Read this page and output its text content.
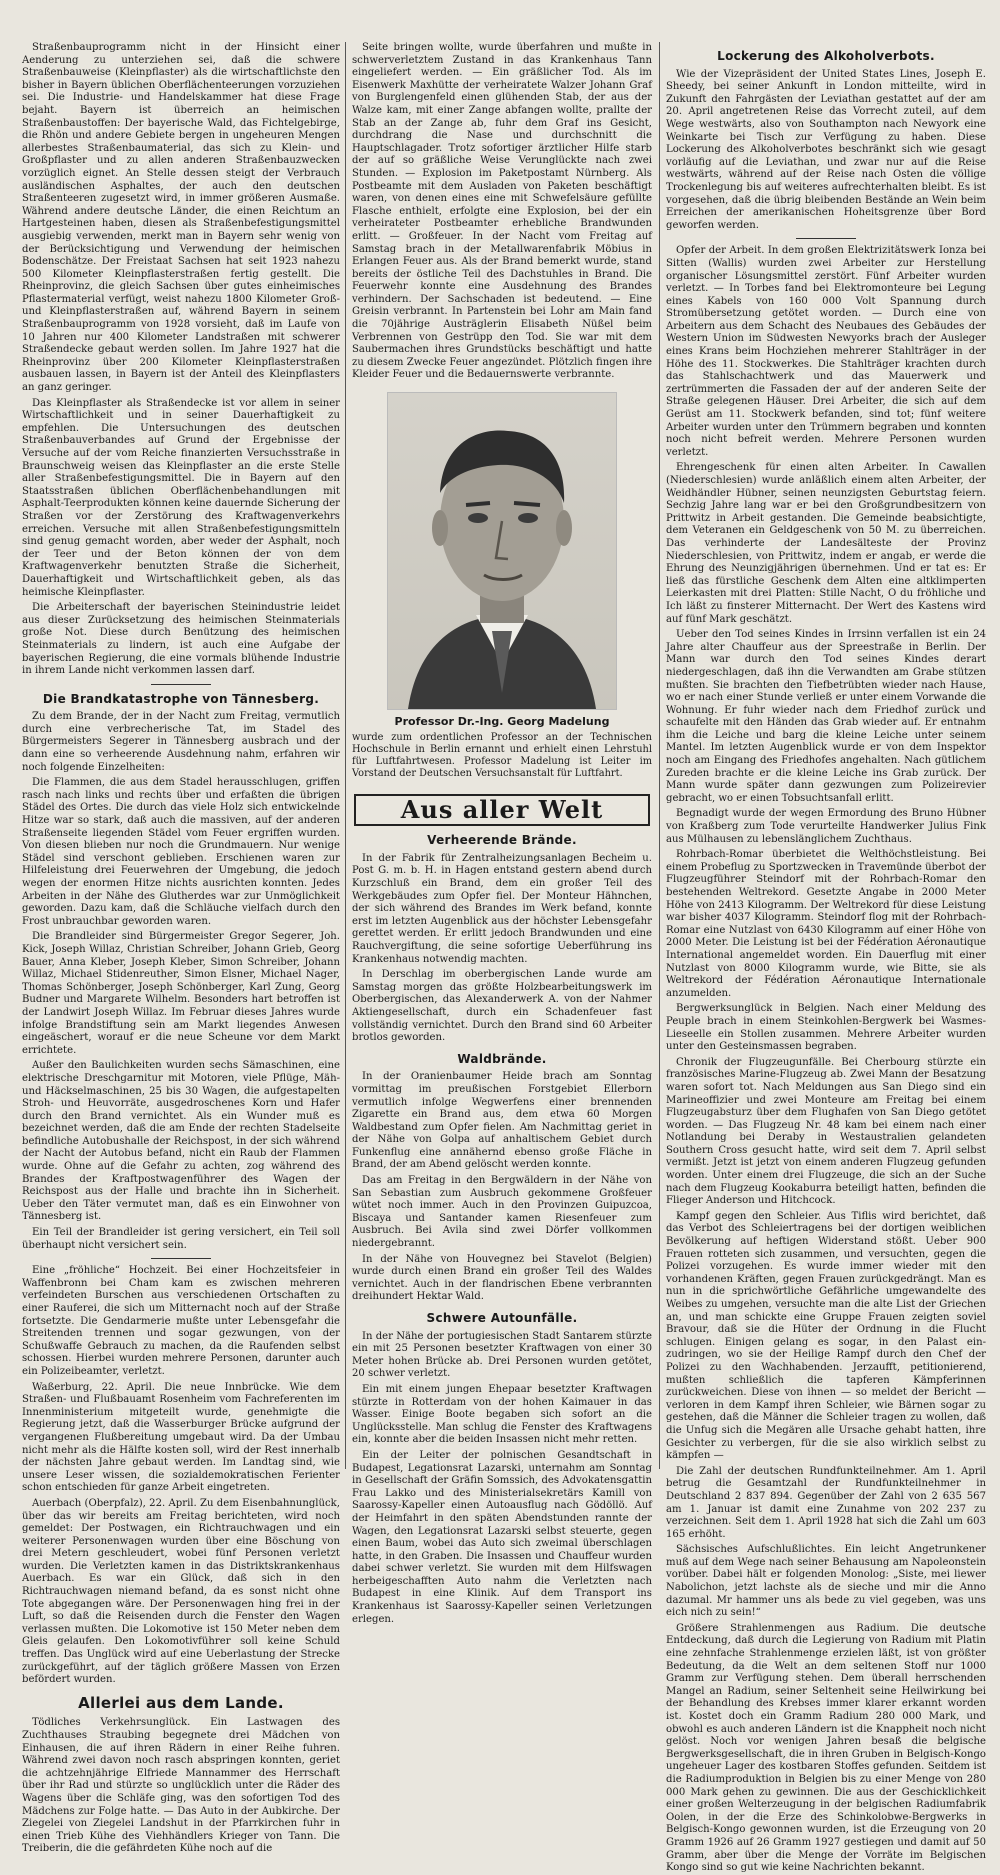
Straßenbauprogramm nicht in der Hinsicht einer Aenderung zu unterziehen sei, daß die schwere Straßenbauweise (Kleinpflaster) als die wirtschaftlichste den bisher in Bayern üblichen Oberflächenteerungen vorzuziehen sei. Die Industrie- und Handelskammer hat diese Frage bejaht. Bayern ist überreich an heimischen Straßenbaustoffen: Der bayerische Wald, das Fichtelgebirge, die Rhön und andere Gebiete bergen in ungeheuren Mengen allerbestes Straßenbaumaterial, das sich zu Klein- und Großpflaster und zu allen anderen Straßenbauzwecken vorzüglich eignet. An Stelle dessen steigt der Verbrauch ausländischen Asphaltes, der auch den deutschen Straßenteeren zugesetzt wird, in immer größeren Ausmaße. Während andere deutsche Länder, die einen Reichtum an Hartgesteinen haben, diesen als Straßenbefestigungsmittel ausgiebig verwenden, merkt man in Bayern sehr wenig von der Berücksichtigung und Verwendung der heimischen Bodenschätze. Der Freistaat Sachsen hat seit 1923 nahezu 500 Kilometer Kleinpflasterstraßen fertig gestellt. Die Rheinprovinz, die gleich Sachsen über gutes einheimisches Pflastermaterial verfügt, weist nahezu 1800 Kilometer Groß- und Kleinpflasterstraßen auf, während Bayern in seinem Straßenbauprogramm von 1928 vorsieht, daß im Laufe von 10 Jahren nur 400 Kilometer Landstraßen mit schwerer Straßendecke gebaut werden sollen. Im Jahre 1927 hat die Rheinprovinz über 200 Kilometer Kleinpflasterstraßen ausbauen lassen, in Bayern ist der Anteil des Kleinpflasters an ganz geringer.

Das Kleinpflaster als Straßendecke ist vor allem in seiner Wirtschaftlichkeit und in seiner Dauerhaftigkeit zu empfehlen. Die Untersuchungen des deutschen Straßenbauverbandes auf Grund der Ergebnisse der Versuche auf der vom Reiche finanzierten Versuchsstraße in Braunschweig weisen das Kleinpflaster an die erste Stelle aller Straßenbefestigungsmittel. Die in Bayern auf den Staatsstraßen üblichen Oberflächenbehandlungen mit Asphalt-Teerprodukten können keine dauernde Sicherung der Straßen vor der Zerstörung des Kraftwagenverkehrs erreichen. Versuche mit allen Straßenbefestigungsmitteln sind genug gemacht worden, aber weder der Asphalt, noch der Teer und der Beton können der von dem Kraftwagenverkehr benutzten Straße die Sicherheit, Dauerhaftigkeit und Wirtschaftlichkeit geben, als das heimische Kleinpflaster.

Die Arbeiterschaft der bayerischen Steinindustrie leidet aus dieser Zurücksetzung des heimischen Steinmaterials große Not. Diese durch Benützung des heimischen Steinmaterials zu lindern, ist auch eine Aufgabe der bayerischen Regierung, die eine vormals blühende Industrie in ihrem Lande nicht verkommen lassen darf.

Die Brandkatastrophe von Tännesberg.

Zu dem Brande, der in der Nacht zum Freitag, vermutlich durch eine verbrecherische Tat, im Stadel des Bürgermeisters Segerer in Tännesberg ausbrach und der dann eine so verheerende Ausdehnung nahm, erfahren wir noch folgende Einzelheiten:

Die Flammen, die aus dem Stadel herausschlugen, griffen rasch nach links und rechts über und erfaßten die übrigen Städel des Ortes. Die durch das viele Holz sich entwickelnde Hitze war so stark, daß auch die massiven, auf der anderen Straßenseite liegenden Städel vom Feuer ergriffen wurden. Von diesen blieben nur noch die Grundmauern. Nur wenige Städel sind verschont geblieben. Erschienen waren zur Hilfeleistung drei Feuerwehren der Umgebung, die jedoch wegen der enormen Hitze nichts ausrichten konnten. Jedes Arbeiten in der Nähe des Glutherdes war zur Unmöglichkeit geworden. Dazu kam, daß die Schläuche vielfach durch den Frost unbrauchbar geworden waren.

Die Brandleider sind Bürgermeister Gregor Segerer, Joh. Kick, Joseph Willaz, Christian Schreiber, Johann Grieb, Georg Bauer, Anna Kleber, Joseph Kleber, Simon Schreiber, Johann Willaz, Michael Stidenreuther, Simon Elsner, Michael Nager, Thomas Schönberger, Joseph Schönberger, Karl Zung, Georg Budner und Margarete Wilhelm. Besonders hart betroffen ist der Landwirt Joseph Willaz. Im Februar dieses Jahres wurde infolge Brandstiftung sein am Markt liegendes Anwesen eingeäschert, worauf er die neue Scheune vor dem Markt errichtete.

Außer den Baulichkeiten wurden sechs Sämaschinen, eine elektrische Dreschgarnitur mit Motoren, viele Pflüge, Mäh- und Häckselmaschinen, 25 bis 30 Wagen, die aufgestapelten Stroh- und Heuvorräte, ausgedroschenes Korn und Hafer durch den Brand vernichtet. Als ein Wunder muß es bezeichnet werden, daß die am Ende der rechten Stadelseite befindliche Autobushalle der Reichspost, in der sich während der Nacht der Autobus befand, nicht ein Raub der Flammen wurde. Ohne auf die Gefahr zu achten, zog während des Brandes der Kraftpostwagenführer des Wagen der Reichspost aus der Halle und brachte ihn in Sicherheit. Ueber den Täter vermutet man, daß es ein Einwohner von Tännesberg ist.

Ein Teil der Brandleider ist gering versichert, ein Teil soll überhaupt nicht versichert sein.

Eine „fröhliche“ Hochzeit. Bei einer Hochzeitsfeier in Waffenbronn bei Cham kam es zwischen mehreren verfeindeten Burschen aus verschiedenen Ortschaften zu einer Rauferei, die sich um Mitternacht noch auf der Straße fortsetzte. Die Gendarmerie mußte unter Lebensgefahr die Streitenden trennen und sogar gezwungen, von der Schußwaffe Gebrauch zu machen, da die Raufenden selbst schossen. Hierbei wurden mehrere Personen, darunter auch ein Polizeibeamter, verletzt.

Waßerburg, 22. April. Die neue Innbrücke. Wie dem Straßen- und Flußbauamt Rosenheim vom Fachreferenten im Innenministerium mitgeteilt wurde, genehmigte die Regierung jetzt, daß die Wasserburger Brücke aufgrund der vergangenen Flußbereitung umgebaut wird. Da der Umbau nicht mehr als die Hälfte kosten soll, wird der Rest innerhalb der nächsten Jahre gebaut werden. Im Landtag sind, wie unsere Leser wissen, die sozialdemokratischen Ferienter schon entschieden für ganze Arbeit eingetreten.

Auerbach (Oberpfalz), 22. April. Zu dem Eisenbahnunglück, über das wir bereits am Freitag berichteten, wird noch gemeldet: Der Postwagen, ein Richtrauchwagen und ein weiterer Personenwagen wurden über eine Böschung von drei Metern geschleudert, wobei fünf Personen verletzt wurden. Die Verletzten kamen in das Distriktskrankenhaus Auerbach. Es war ein Glück, daß sich in den Richtrauchwagen niemand befand, da es sonst nicht ohne Tote abgegangen wäre. Der Personenwagen hing frei in der Luft, so daß die Reisenden durch die Fenster den Wagen verlassen mußten. Die Lokomotive ist 150 Meter neben dem Gleis gelaufen. Den Lokomotivführer soll keine Schuld treffen. Das Unglück wird auf eine Ueberlastung der Strecke zurückgeführt, auf der täglich größere Massen von Erzen befördert wurden.

Allerlei aus dem Lande.

Tödliches Verkehrsunglück. Ein Lastwagen des Zuchthauses Straubing begegnete drei Mädchen von Einhausen, die auf ihren Rädern in einer Reihe fuhren. Während zwei davon noch rasch abspringen konnten, geriet die achtzehnjährige Elfriede Mannammer des Herrschaft über ihr Rad und stürzte so unglücklich unter die Räder des Wagens über die Schläfe ging, was den sofortigen Tod des Mädchens zur Folge hatte. — Das Auto in der Aubkirche. Der Ziegelei von Ziegelei Landshut in der Pfarrkirchen fuhr in einen Trieb Kühe des Viehhändlers Krieger von Tann. Die Treiberin, die die gefährdeten Kühe noch auf die

Seite bringen wollte, wurde überfahren und mußte in schwerverletztem Zustand in das Krankenhaus Tann eingeliefert werden. — Ein gräßlicher Tod. Als im Eisenwerk Maxhütte der verheiratete Walzer Johann Graf von Burglengenfeld einen glühenden Stab, der aus der Walze kam, mit einer Zange abfangen wollte, prallte der Stab an der Zange ab, fuhr dem Graf ins Gesicht, durchdrang die Nase und durchschnitt die Hauptschlagader. Trotz sofortiger ärztlicher Hilfe starb der auf so gräßliche Weise Verunglückte nach zwei Stunden. — Explosion im Paketpostamt Nürnberg. Als Postbeamte mit dem Ausladen von Paketen beschäftigt waren, von denen eines eine mit Schwefelsäure gefüllte Flasche enthielt, erfolgte eine Explosion, bei der ein verheirateter Postbeamter erhebliche Brandwunden erlitt. — Großfeuer. In der Nacht vom Freitag auf Samstag brach in der Metallwarenfabrik Möbius in Erlangen Feuer aus. Als der Brand bemerkt wurde, stand bereits der östliche Teil des Dachstuhles in Brand. Die Feuerwehr konnte eine Ausdehnung des Brandes verhindern. Der Sachschaden ist bedeutend. — Eine Greisin verbrannt. In Partenstein bei Lohr am Main fand die 70jährige Austräglerin Elisabeth Nüßel beim Verbrennen von Gestrüpp den Tod. Sie war mit dem Saubermachen ihres Grundstücks beschäftigt und hatte zu diesem Zwecke Feuer angezündet. Plötzlich fingen ihre Kleider Feuer und die Bedauernswerte verbrannte.

Professor Dr.-Ing. Georg Madelung
wurde zum ordentlichen Professor an der Technischen Hochschule in Berlin ernannt und erhielt einen Lehrstuhl für Luftfahrtwesen. Professor Madelung ist Leiter im Vorstand der Deutschen Versuchsanstalt für Luftfahrt.
Aus aller Welt
Verheerende Brände.

In der Fabrik für Zentralheizungsanlagen Becheim u. Post G. m. b. H. in Hagen entstand gestern abend durch Kurzschluß ein Brand, dem ein großer Teil des Werkgebäudes zum Opfer fiel. Der Monteur Hähnchen, der sich während des Brandes im Werk befand, konnte erst im letzten Augenblick aus der höchster Lebensgefahr gerettet werden. Er erlitt jedoch Brandwunden und eine Rauchvergiftung, die seine sofortige Ueberführung ins Krankenhaus notwendig machten.

In Derschlag im oberbergischen Lande wurde am Samstag morgen das größte Holzbearbeitungswerk im Oberbergischen, das Alexanderwerk A. von der Nahmer Aktiengesellschaft, durch ein Schadenfeuer fast vollständig vernichtet. Durch den Brand sind 60 Arbeiter brotlos geworden.

Waldbrände.

In der Oranienbaumer Heide brach am Sonntag vormittag im preußischen Forstgebiet Ellerborn vermutlich infolge Wegwerfens einer brennenden Zigarette ein Brand aus, dem etwa 60 Morgen Waldbestand zum Opfer fielen. Am Nachmittag geriet in der Nähe von Golpa auf anhaltischem Gebiet durch Funkenflug eine annähernd ebenso große Fläche in Brand, der am Abend gelöscht werden konnte.

Das am Freitag in den Bergwäldern in der Nähe von San Sebastian zum Ausbruch gekommene Großfeuer wütet noch immer. Auch in den Provinzen Guipuzcoa, Biscaya und Santander kamen Riesenfeuer zum Ausbruch. Bei Avila sind zwei Dörfer vollkommen niedergebrannt.

In der Nähe von Houvegnez bei Stavelot (Belgien) wurde durch einen Brand ein großer Teil des Waldes vernichtet. Auch in der flandrischen Ebene verbrannten dreihundert Hektar Wald.

Schwere Autounfälle.

In der Nähe der portugiesischen Stadt Santarem stürzte ein mit 25 Personen besetzter Kraftwagen von einer 30 Meter hohen Brücke ab. Drei Personen wurden getötet, 20 schwer verletzt.

Ein mit einem jungen Ehepaar besetzter Kraftwagen stürzte in Rotterdam von der hohen Kaimauer in das Wasser. Einige Boote begaben sich sofort an die Unglücksstelle. Man schlug die Fenster des Kraftwagens ein, konnte aber die beiden Insassen nicht mehr retten.

Ein der Leiter der polnischen Gesandtschaft in Budapest, Legationsrat Lazarski, unternahm am Sonntag in Gesellschaft der Gräfin Somssich, des Advokatensgattin Frau Lakko und des Ministerialsekretärs Kamill von Saarossy-Kapeller einen Autoausflug nach Gödöllö. Auf der Heimfahrt in den späten Abendstunden rannte der Wagen, den Legationsrat Lazarski selbst steuerte, gegen einen Baum, wobei das Auto sich zweimal überschlagen hatte, in den Graben. Die Insassen und Chauffeur wurden dabei schwer verletzt. Sie wurden mit dem Hilfswagen herbeigeschafften Auto nahm die Verletzten nach Budapest in eine Klinik. Auf dem Transport ins Krankenhaus ist Saarossy-Kapeller seinen Verletzungen erlegen.

Lockerung des Alkoholverbots.

Wie der Vizepräsident der United States Lines, Joseph E. Sheedy, bei seiner Ankunft in London mitteilte, wird in Zukunft den Fahrgästen der Leviathan gestattet auf der am 20. April angetretenen Reise das Vorrecht zuteil, auf dem Wege westwärts, also von Southampton nach Newyork eine Weinkarte bei Tisch zur Verfügung zu haben. Diese Lockerung des Alkoholverbotes beschränkt sich wie gesagt vorläufig auf die Leviathan, und zwar nur auf die Reise westwärts, während auf der Reise nach Osten die völlige Trockenlegung bis auf weiteres aufrechterhalten bleibt. Es ist vorgesehen, daß die übrig bleibenden Bestände an Wein beim Erreichen der amerikanischen Hoheitsgrenze über Bord geworfen werden.

Opfer der Arbeit. In dem großen Elektrizitätswerk Ionza bei Sitten (Wallis) wurden zwei Arbeiter zur Herstellung organischer Lösungsmittel zerstört. Fünf Arbeiter wurden verletzt. — In Torbes fand bei Elektromonteure bei Legung eines Kabels von 160 000 Volt Spannung durch Stromübersetzung getötet worden. — Durch eine von Arbeitern aus dem Schacht des Neubaues des Gebäudes der Western Union im Südwesten Newyorks brach der Ausleger eines Krans beim Hochziehen mehrerer Stahlträger in der Höhe des 11. Stockwerkes. Die Stahlträger krachten durch das Stahlschachtwerk und das Mauerwerk und zertrümmerten die Fassaden der auf der anderen Seite der Straße gelegenen Häuser. Drei Arbeiter, die sich auf dem Gerüst am 11. Stockwerk befanden, sind tot; fünf weitere Arbeiter wurden unter den Trümmern begraben und konnten noch nicht befreit werden. Mehrere Personen wurden verletzt.

Ehrengeschenk für einen alten Arbeiter. In Cawallen (Niederschlesien) wurde anläßlich einem alten Arbeiter, der Weidhändler Hübner, seinen neunzigsten Geburtstag feiern. Sechzig Jahre lang war er bei den Großgrundbesitzern von Prittwitz in Arbeit gestanden. Die Gemeinde beabsichtigte, dem Veteranen ein Geldgeschenk von 50 M. zu überreichen. Das verhinderte der Landesälteste der Provinz Niederschlesien, von Prittwitz, indem er angab, er werde die Ehrung des Neunzigjährigen übernehmen. Und er tat es: Er ließ das fürstliche Geschenk dem Alten eine altklimperten Leierkasten mit drei Platten: Stille Nacht, O du fröhliche und Ich läßt zu finsterer Mitternacht. Der Wert des Kastens wird auf fünf Mark geschätzt.

Ueber den Tod seines Kindes in Irrsinn verfallen ist ein 24 Jahre alter Chauffeur aus der Spreestraße in Berlin. Der Mann war durch den Tod seines Kindes derart niedergeschlagen, daß ihn die Verwandten am Grabe stützen mußten. Sie brachten den Tiefbetrübten wieder nach Hause, wo er nach einer Stunde verließ er unter einem Vorwande die Wohnung. Er fuhr wieder nach dem Friedhof zurück und schaufelte mit den Händen das Grab wieder auf. Er entnahm ihm die Leiche und barg die kleine Leiche unter seinem Mantel. Im letzten Augenblick wurde er von dem Inspektor noch am Eingang des Friedhofes angehalten. Nach gütlichem Zureden brachte er die kleine Leiche ins Grab zurück. Der Mann wurde später dann gezwungen zum Polizeirevier gebracht, wo er einen Tobsuchtsanfall erlitt.

Begnadigt wurde der wegen Ermordung des Bruno Hübner von Kraßberg zum Tode verurteilte Handwerker Julius Fink aus Mülhausen zu lebenslänglichem Zuchthaus.

Rohrbach-Romar überbietet die Welthöchstleistung. Bei einem Probeflug zu Sportzwecken in Travemünde überbot der Flugzeugführer Steindorf mit der Rohrbach-Romar den bestehenden Weltrekord. Gesetzte Angabe in 2000 Meter Höhe von 2413 Kilogramm. Der Weltrekord für diese Leistung war bisher 4037 Kilogramm. Steindorf flog mit der Rohrbach-Romar eine Nutzlast von 6430 Kilogramm auf einer Höhe von 2000 Meter. Die Leistung ist bei der Fédération Aéronautique International angemeldet worden. Ein Dauerflug mit einer Nutzlast von 8000 Kilogramm wurde, wie Bitte, sie als Weltrekord der Fédération Aéronautique Internationale anzumelden.

Bergwerksunglück in Belgien. Nach einer Meldung des Peuple brach in einem Steinkohlen-Bergwerk bei Wasmes-Lieseelle ein Stollen zusammen. Mehrere Arbeiter wurden unter den Gesteinsmassen begraben.

Chronik der Flugzeugunfälle. Bei Cherbourg stürzte ein französisches Marine-Flugzeug ab. Zwei Mann der Besatzung waren sofort tot. Nach Meldungen aus San Diego sind ein Marineoffizier und zwei Monteure am Freitag bei einem Flugzeugabsturz über dem Flughafen von San Diego getötet worden. — Das Flugzeug Nr. 48 kam bei einem nach einer Notlandung bei Deraby in Westaustralien gelandeten Southern Cross gesucht hatte, wird seit dem 7. April selbst vermißt. Jetzt ist jetzt von einem anderen Flugzeug gefunden worden. Unter einem drei Flugzeuge, die sich an der Suche nach dem Flugzeug Kookaburra beteiligt hatten, befinden die Flieger Anderson und Hitchcock.

Kampf gegen den Schleier. Aus Tiflis wird berichtet, daß das Verbot des Schleiertragens bei der dortigen weiblichen Bevölkerung auf heftigen Widerstand stößt. Ueber 900 Frauen rotteten sich zusammen, und versuchten, gegen die Polizei vorzugehen. Es wurde immer wieder mit den vorhandenen Kräften, gegen Frauen zurückgedrängt. Man es nun in die sprichwörtliche Gefährliche umgewandelte des Weibes zu umgehen, versuchte man die alte List der Griechen an, und man schickte eine Gruppe Frauen zeigten soviel Bravour, daß sie die Hüter der Ordnung in die Flucht schlugen. Einigen gelang es sogar, in den Palast ein-zudringen, wo sie der Heilige Rampf durch den Chef der Polizei zu den Wachhabenden. Jerzaufft, petitionierend, mußten schließlich die tapferen Kämpferinnen zurückweichen. Diese von ihnen — so meldet der Bericht — verloren in dem Kampf ihren Schleier, wie Bärnen sogar zu gestehen, daß die Männer die Schleier tragen zu wollen, daß die Unfug sich die Megären alle Ursache gehabt hatten, ihre Gesichter zu verbergen, für die sie also wirklich selbst zu kämpfen —

Die Zahl der deutschen Rundfunkteilnehmer. Am 1. April betrug die Gesamtzahl der Rundfunkteilnehmer in Deutschland 2 837 894. Gegenüber der Zahl von 2 635 567 am 1. Januar ist damit eine Zunahme von 202 237 zu verzeichnen. Seit dem 1. April 1928 hat sich die Zahl um 603 165 erhöht.

Sächsisches Aufschlußlichtes. Ein leicht Angetrunkener muß auf dem Wege nach seiner Behausung am Napoleonstein vorüber. Dabei hält er folgenden Monolog: „Siste, mei liewer Nabolichon, jetzt lachste als de sieche und mir die Anno dazumal. Mr hammer uns als bede zu viel gegeben, was uns eich nich zu sein!“

Größere Strahlenmengen aus Radium. Die deutsche Entdeckung, daß durch die Legierung von Radium mit Platin eine zehnfache Strahlenmenge erzielen läßt, ist von größter Bedeutung, da die Welt an dem seltenen Stoff nur 1000 Gramm zur Verfügung stehen. Dem überall herrschenden Mangel an Radium, seiner Seltenheit seine Heilwirkung bei der Behandlung des Krebses immer klarer erkannt worden ist. Kostet doch ein Gramm Radium 280 000 Mark, und obwohl es auch anderen Ländern ist die Knappheit noch nicht gelöst. Noch vor wenigen Jahren besaß die belgische Bergwerksgesellschaft, die in ihren Gruben in Belgisch-Kongo ungeheuer Lager des kostbaren Stoffes gefunden. Seitdem ist die Radiumproduktion in Belgien bis zu einer Menge von 280 000 Mark gehen zu gewinnen. Die aus der Geschicklichkeit einer großen Welterzeugung in der belgischen Radiumfabrik Oolen, in der die Erze des Schinkolobwe-Bergwerks in Belgisch-Kongo gewonnen wurden, ist die Erzeugung von 20 Gramm 1926 auf 26 Gramm 1927 gestiegen und damit auf 50 Gramm, aber über die Menge der Vorräte im Belgischen Kongo sind so gut wie keine Nachrichten bekannt.
